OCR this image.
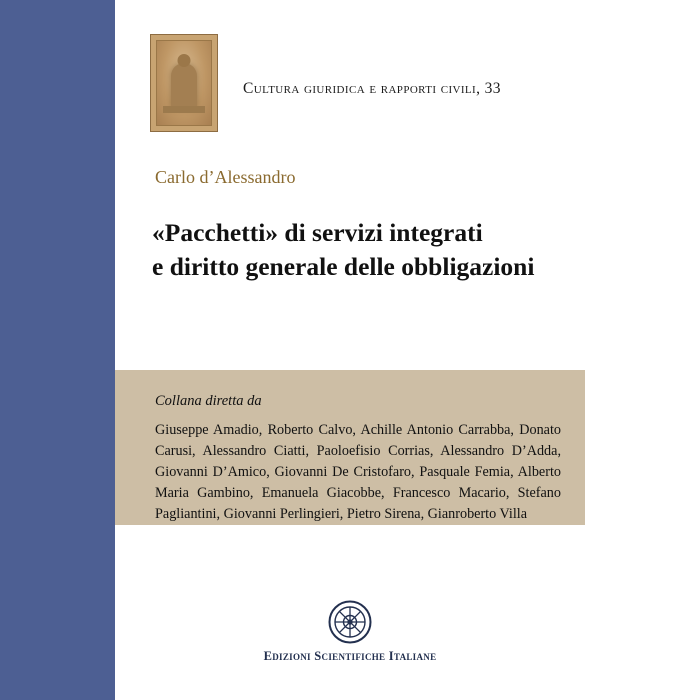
Cultura giuridica e rapporti civili, 33
Carlo d’Alessandro
«Pacchetti» di servizi integrati
e diritto generale delle obbligazioni
Collana diretta da
Giuseppe Amadio, Roberto Calvo, Achille Antonio Carrabba, Donato Carusi, Alessandro Ciatti, Paoloefisio Corrias, Alessandro D’Adda, Giovanni D’Amico, Giovanni De Cristofaro, Pasquale Femia, Alberto Maria Gambino, Emanuela Giacobbe, Francesco Macario, Stefano Pagliantini, Giovanni Perlingieri, Pietro Sirena, Gianroberto Villa
Edizioni Scientifiche Italiane
